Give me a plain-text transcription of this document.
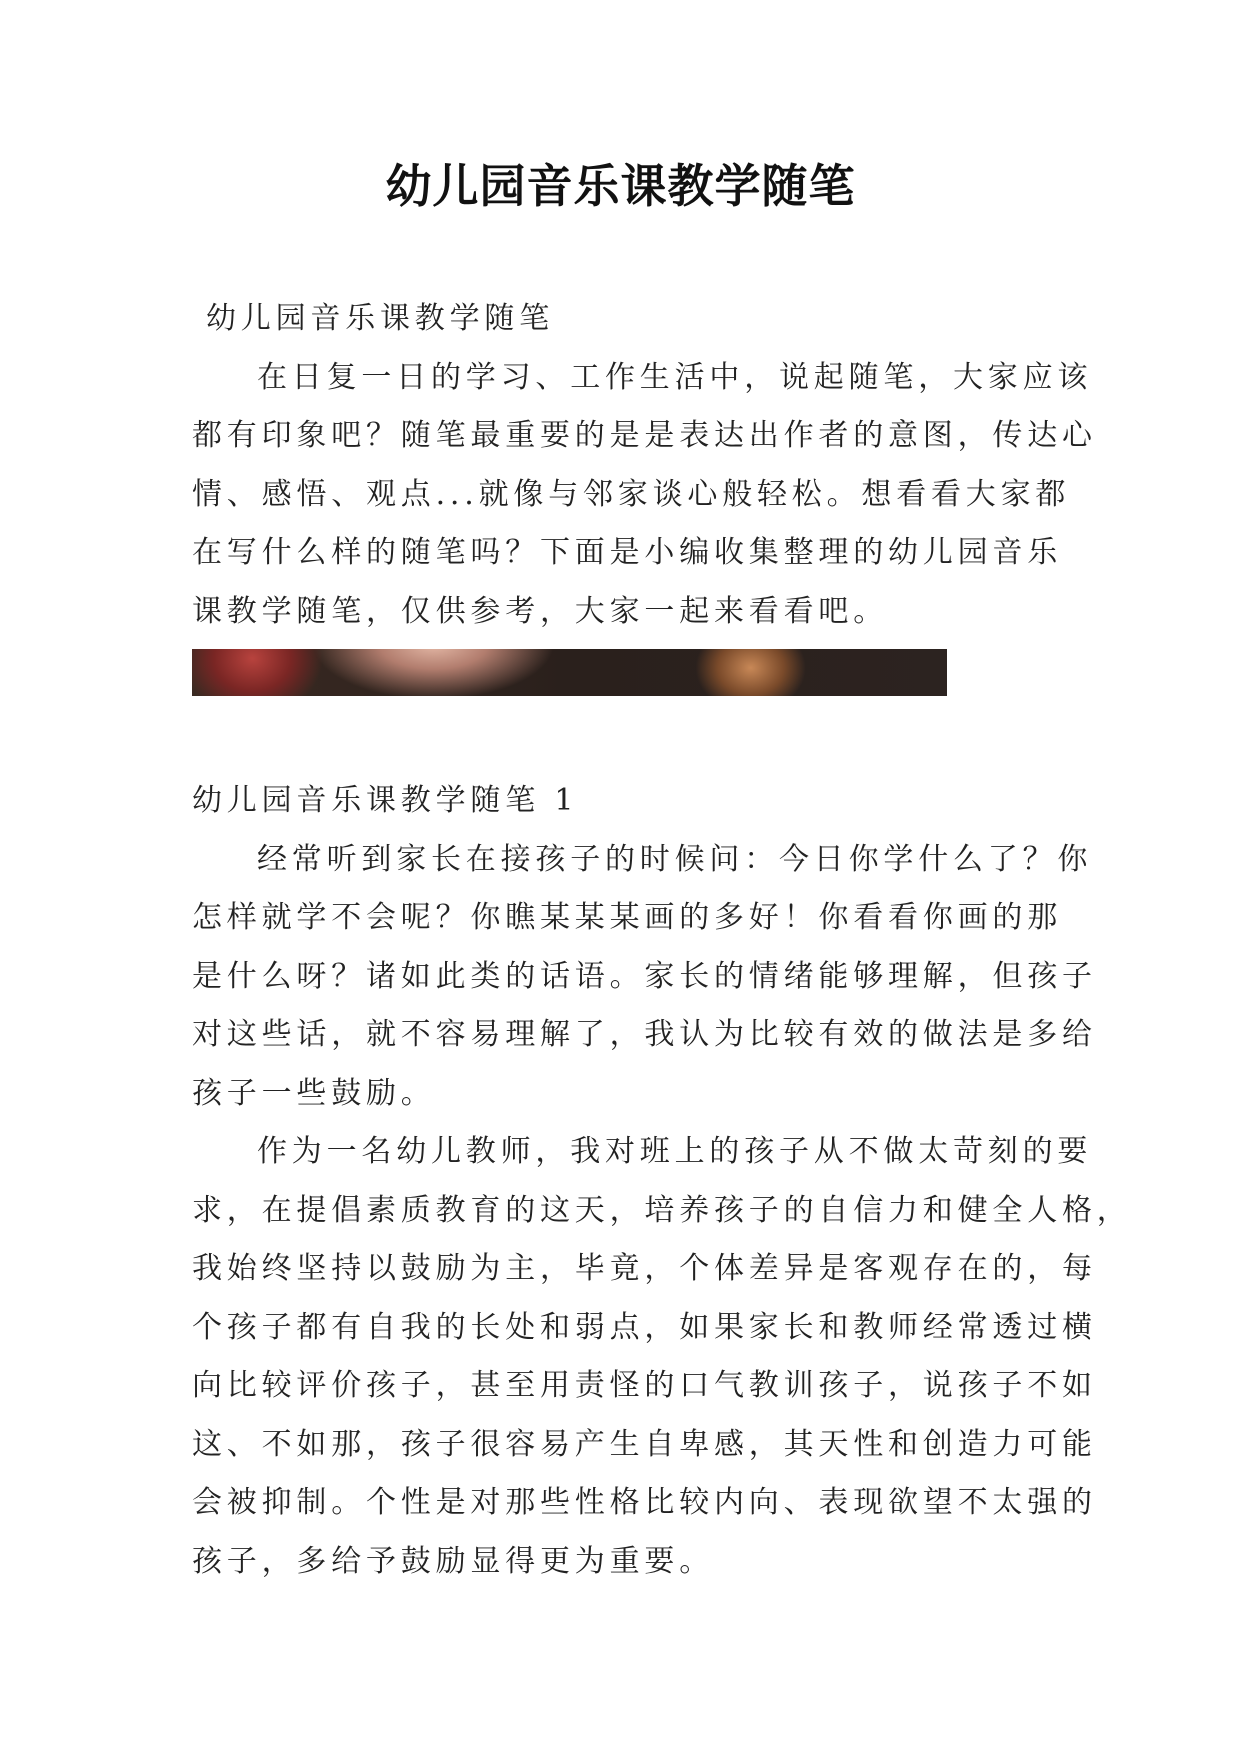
幼儿园音乐课教学随笔

幼儿园音乐课教学随笔

在日复一日的学习、工作生活中，说起随笔，大家应该

都有印象吧？随笔最重要的是是表达出作者的意图，传达心

情、感悟、观点...就像与邻家谈心般轻松。想看看大家都

在写什么样的随笔吗？下面是小编收集整理的幼儿园音乐

课教学随笔，仅供参考，大家一起来看看吧。

幼儿园音乐课教学随笔 1

经常听到家长在接孩子的时候问：今日你学什么了？你

怎样就学不会呢？你瞧某某某画的多好！你看看你画的那

是什么呀？诸如此类的话语。家长的情绪能够理解，但孩子

对这些话，就不容易理解了，我认为比较有效的做法是多给

孩子一些鼓励。

作为一名幼儿教师，我对班上的孩子从不做太苛刻的要

求，在提倡素质教育的这天，培养孩子的自信力和健全人格，

我始终坚持以鼓励为主，毕竟，个体差异是客观存在的，每

个孩子都有自我的长处和弱点，如果家长和教师经常透过横

向比较评价孩子，甚至用责怪的口气教训孩子，说孩子不如

这、不如那，孩子很容易产生自卑感，其天性和创造力可能

会被抑制。个性是对那些性格比较内向、表现欲望不太强的

孩子，多给予鼓励显得更为重要。
